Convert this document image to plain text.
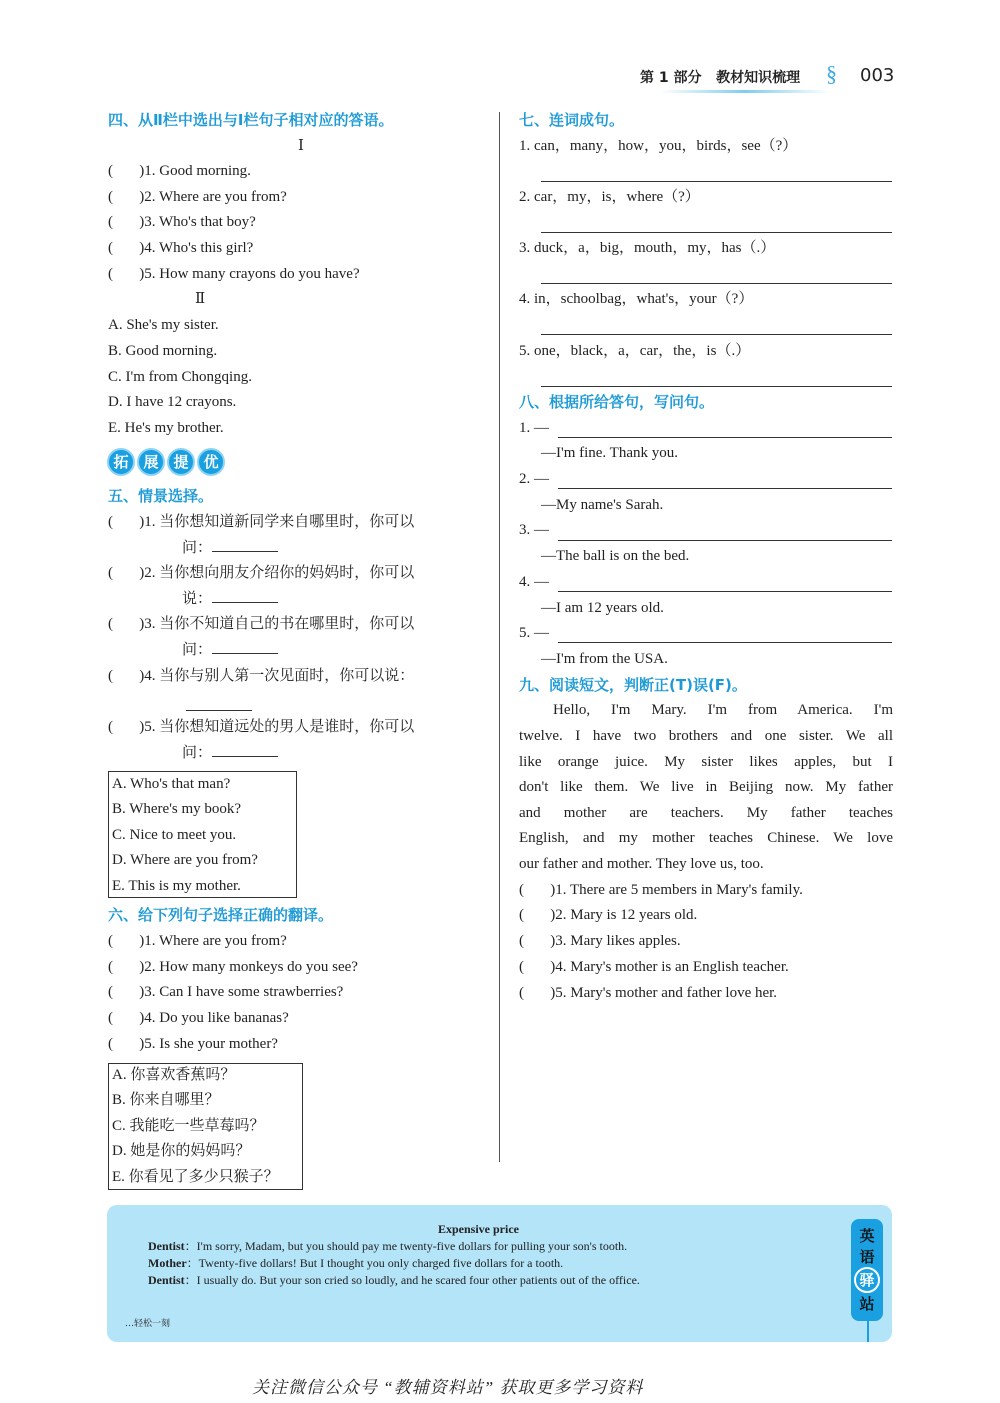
第 1 部分 教材知识梳理 § 003
四、从Ⅱ栏中选出与Ⅰ栏句子相对应的答语。
Ⅰ
(       )1. Good morning.
(       )2. Where are you from?
(       )3. Who's that boy?
(       )4. Who's this girl?
(       )5. How many crayons do you have?
Ⅱ
A. She's my sister.
B. Good morning.
C. I'm from Chongqing.
D. I have 12 crayons.
E. He's my brother.
拓 展 提 优
五、情景选择。
(       )1. 当你想知道新同学来自哪里时，你可以
问：
(       )2. 当你想向朋友介绍你的妈妈时，你可以
说：
(       )3. 当你不知道自己的书在哪里时，你可以
问：
(       )4. 当你与别人第一次见面时，你可以说：
(       )5. 当你想知道远处的男人是谁时，你可以
问：
A. Who's that man?
B. Where's my book?
C. Nice to meet you.
D. Where are you from?
E. This is my mother.
六、给下列句子选择正确的翻译。
(       )1. Where are you from?
(       )2. How many monkeys do you see?
(       )3. Can I have some strawberries?
(       )4. Do you like bananas?
(       )5. Is she your mother?
A. 你喜欢香蕉吗？
B. 你来自哪里？
C. 我能吃一些草莓吗？
D. 她是你的妈妈吗？
E. 你看见了多少只猴子？
七、连词成句。
1. can，many，how，you，birds，see（?）
2. car，my，is，where（?）
3. duck，a，big，mouth，my，has（.）
4. in，schoolbag，what's，your（?）
5. one，black，a，car，the，is（.）
八、根据所给答句，写问句。
1. —
—I'm fine. Thank you.
2. —
—My name's Sarah.
3. —
—The ball is on the bed.
4. —
—I am 12 years old.
5. —
—I'm from the USA.
九、阅读短文，判断正(T)误(F)。
Hello, I'm Mary. I'm from America. I'm
twelve. I have two brothers and one sister. We all
like orange juice. My sister likes apples, but I
don't like them. We live in Beijing now. My father
and mother are teachers. My father teaches
English, and my mother teaches Chinese. We love
our father and mother. They love us, too.
(       )1. There are 5 members in Mary's family.
(       )2. Mary is 12 years old.
(       )3. Mary likes apples.
(       )4. Mary's mother is an English teacher.
(       )5. Mary's mother and father love her.
Expensive price
Dentist：I'm sorry, Madam, but you should pay me twenty-five dollars for pulling your son's tooth.
Mother：Twenty-five dollars! But I thought you only charged five dollars for a tooth.
Dentist：I usually do. But your son cried so loudly, and he scared four other patients out of the office.
…轻松一刻
英
语
驿
站
关注微信公众号 “教辅资料站” 获取更多学习资料
